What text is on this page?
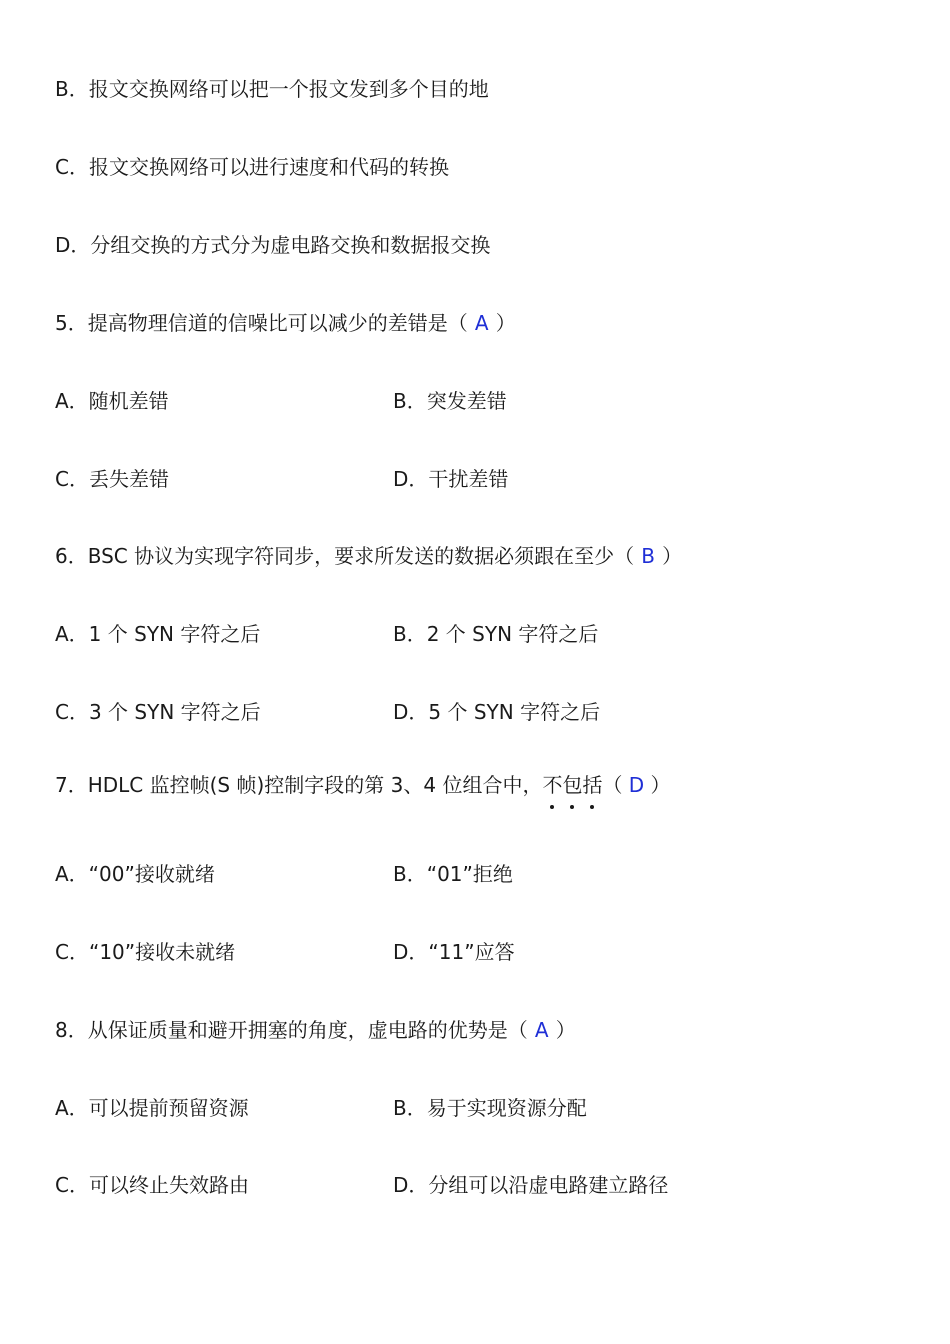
B．报文交换网络可以把一个报文发到多个目的地
C．报文交换网络可以进行速度和代码的转换
D．分组交换的方式分为虚电路交换和数据报交换
5．提高物理信道的信噪比可以减少的差错是（ A ）
A．随机差错	B．突发差错
C．丢失差错	D．干扰差错
6．BSC 协议为实现字符同步，要求所发送的数据必须跟在至少（ B ）
A．1 个 SYN 字符之后	B．2 个 SYN 字符之后
C．3 个 SYN 字符之后	D．5 个 SYN 字符之后
7．HDLC 监控帧(S 帧)控制字段的第 3、4 位组合中，不包括（ D ）
A．“00”接收就绪	B．“01”拒绝
C．“10”接收未就绪	D．“11”应答
8．从保证质量和避开拥塞的角度，虚电路的优势是（ A ）
A．可以提前预留资源	B．易于实现资源分配
C．可以终止失效路由	D．分组可以沿虚电路建立路径
